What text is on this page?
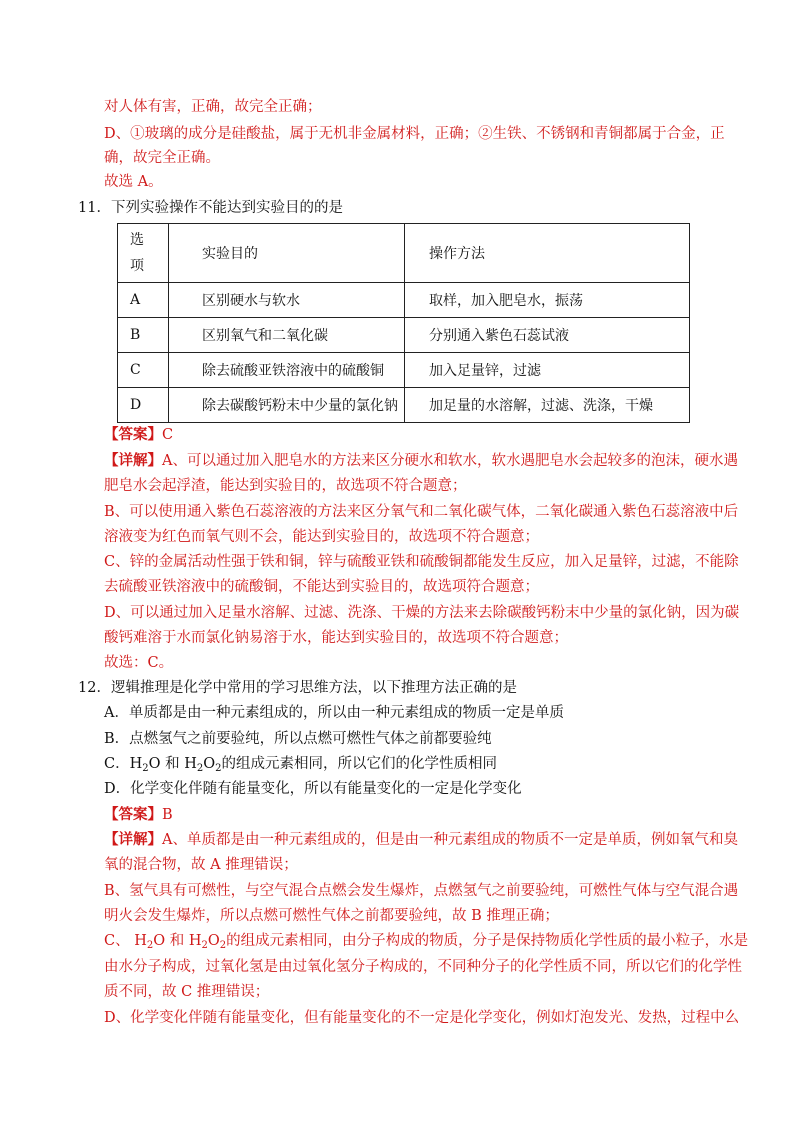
对人体有害，正确，故完全正确；
D、①玻璃的成分是硅酸盐，属于无机非金属材料，正确；②生铁、不锈钢和青铜都属于合金，正
确，故完全正确。
故选 A。
11．下列实验操作不能达到实验目的的是
选
项	实验目的	操作方法
A	区别硬水与软水	取样，加入肥皂水，振荡
B	区别氧气和二氧化碳	分别通入紫色石蕊试液
C	除去硫酸亚铁溶液中的硫酸铜	加入足量锌，过滤
D	除去碳酸钙粉末中少量的氯化钠	加足量的水溶解，过滤、洗涤，干燥
【答案】C
【详解】A、可以通过加入肥皂水的方法来区分硬水和软水，软水遇肥皂水会起较多的泡沫，硬水遇
肥皂水会起浮渣，能达到实验目的，故选项不符合题意；
B、可以使用通入紫色石蕊溶液的方法来区分氧气和二氧化碳气体，二氧化碳通入紫色石蕊溶液中后
溶液变为红色而氧气则不会，能达到实验目的，故选项不符合题意；
C、锌的金属活动性强于铁和铜，锌与硫酸亚铁和硫酸铜都能发生反应，加入足量锌，过滤，不能除
去硫酸亚铁溶液中的硫酸铜，不能达到实验目的，故选项符合题意；
D、可以通过加入足量水溶解、过滤、洗涤、干燥的方法来去除碳酸钙粉末中少量的氯化钠，因为碳
酸钙难溶于水而氯化钠易溶于水，能达到实验目的，故选项不符合题意；
故选：C。
12．逻辑推理是化学中常用的学习思维方法，以下推理方法正确的是
A．单质都是由一种元素组成的，所以由一种元素组成的物质一定是单质
B．点燃氢气之前要验纯，所以点燃可燃性气体之前都要验纯
C．$H_2O$ 和 $H_2O_2$的组成元素相同，所以它们的化学性质相同
D．化学变化伴随有能量变化，所以有能量变化的一定是化学变化
【答案】B
【详解】A、单质都是由一种元素组成的，但是由一种元素组成的物质不一定是单质，例如氧气和臭
氧的混合物，故 A 推理错误；
B、氢气具有可燃性，与空气混合点燃会发生爆炸，点燃氢气之前要验纯，可燃性气体与空气混合遇
明火会发生爆炸，所以点燃可燃性气体之前都要验纯，故 B 推理正确；
C、 $H_2O$ 和 $H_2O_2$的组成元素相同，由分子构成的物质，分子是保持物质化学性质的最小粒子，水是
由水分子构成，过氧化氢是由过氧化氢分子构成的，不同种分子的化学性质不同，所以它们的化学性
质不同，故 C 推理错误；
D、化学变化伴随有能量变化，但有能量变化的不一定是化学变化，例如灯泡发光、发热，过程中么
